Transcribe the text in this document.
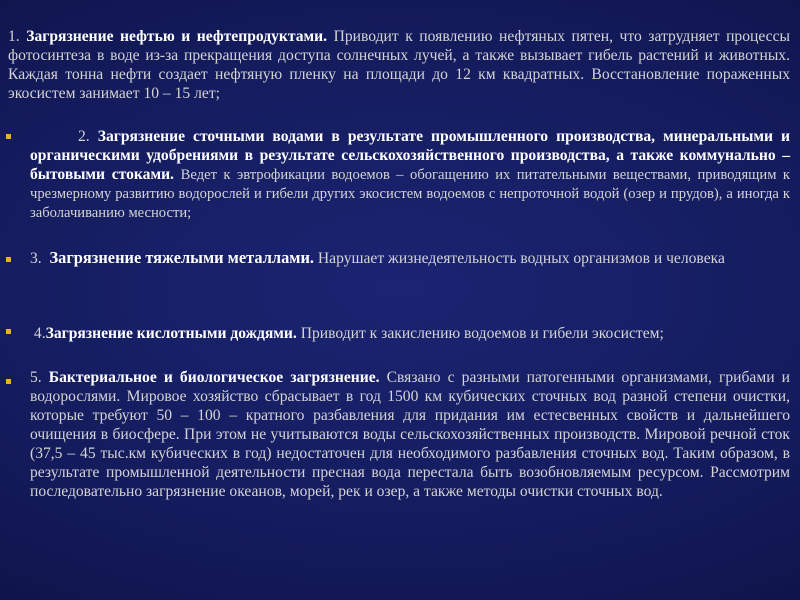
1. Загрязнение нефтью и нефтепродуктами. Приводит к появлению нефтяных пятен, что затрудняет процессы фотосинтеза в воде из-за прекращения доступа солнечных лучей, а также вызывает гибель растений и животных. Каждая тонна нефти создает нефтяную пленку на площади до 12 км квадратных. Восстановление пораженных экосистем занимает 10 – 15 лет;
2. Загрязнение сточными водами в результате промышленного производства, минеральными и органическими удобрениями в результате сельскохозяйственного производства, а также коммунально – бытовыми стоками. Ведет к эвтрофикации водоемов – обогащению их питательными веществами, приводящим к чрезмерному развитию водорослей и гибели других экосистем водоемов с непроточной водой (озер и прудов), а иногда к заболачиванию месности;
3. Загрязнение тяжелыми металлами. Нарушает жизнедеятельность водных организмов и человека
4.Загрязнение кислотными дождями. Приводит к закислению водоемов и гибели экосистем;
5. Бактериальное и биологическое загрязнение. Связано с разными патогенными организмами, грибами и водорослями. Мировое хозяйство сбрасывает в год 1500 км кубических сточных вод разной степени очистки, которые требуют 50 – 100 – кратного разбавления для придания им естесвенных свойств и дальнейшего очищения в биосфере. При этом не учитываются воды сельскохозяйственных производств. Мировой речной сток (37,5 – 45 тыс.км кубических в год) недостаточен для необходимого разбавления сточных вод. Таким образом, в результате промышленной деятельности пресная вода перестала быть возобновляемым ресурсом. Рассмотрим последовательно загрязнение океанов, морей, рек и озер, а также методы очистки сточных вод.
